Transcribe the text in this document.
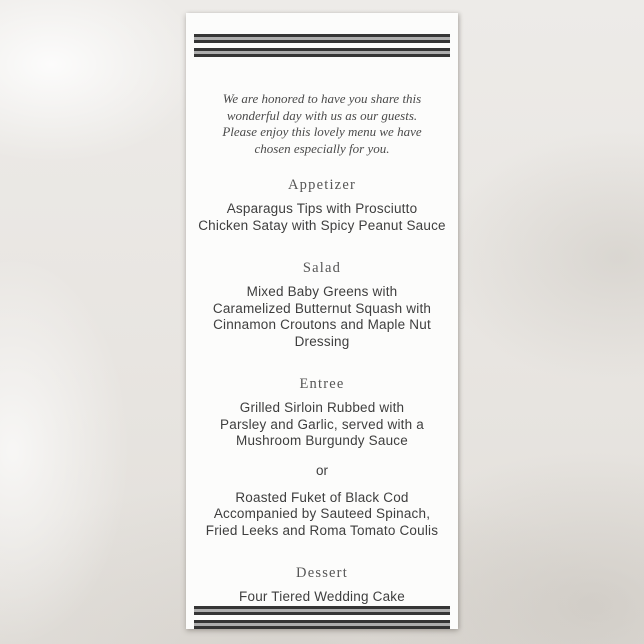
We are honored to have you share this
wonderful day with us as our guests.
Please enjoy this lovely menu we have
chosen especially for you.

Appetizer

Asparagus Tips with Prosciutto
Chicken Satay with Spicy Peanut Sauce

Salad

Mixed Baby Greens with
Caramelized Butternut Squash with
Cinnamon Croutons and Maple Nut Dressing

Entree

Grilled Sirloin Rubbed with
Parsley and Garlic, served with a
Mushroom Burgundy Sauce

or

Roasted Fuket of Black Cod
Accompanied by Sauteed Spinach,
Fried Leeks and Roma Tomato Coulis

Dessert

Four Tiered Wedding Cake
